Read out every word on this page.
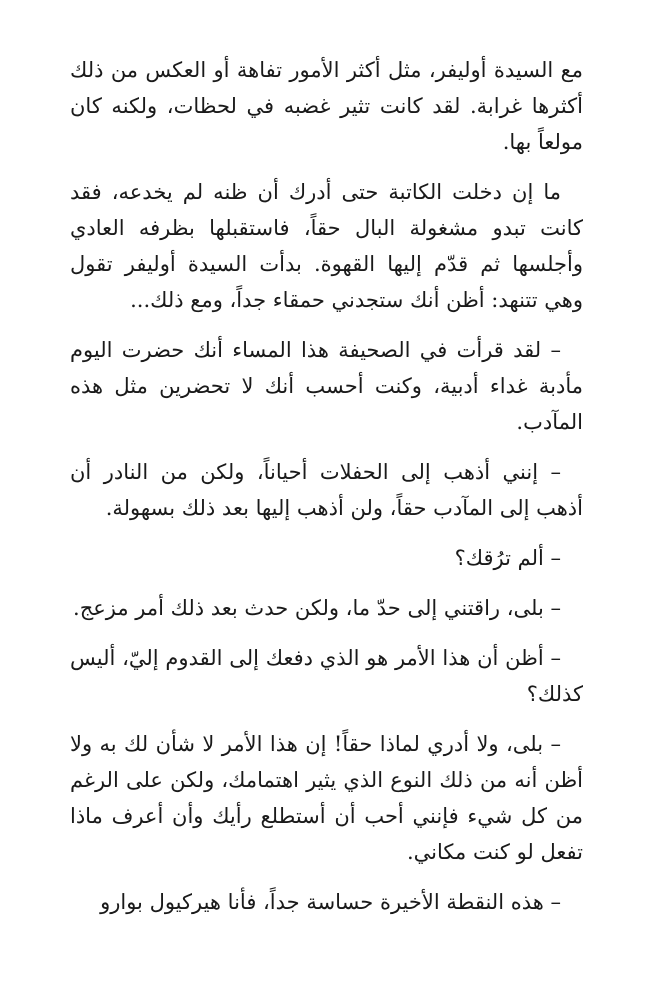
مع السيدة أوليفر، مثل أكثر الأمور تفاهة أو العكس من ذلك أكثرها غرابة. لقد كانت تثير غضبه في لحظات، ولكنه كان مولعاً بها.

ما إن دخلت الكاتبة حتى أدرك أن ظنه لم يخدعه، فقد كانت تبدو مشغولة البال حقاً، فاستقبلها بظرفه العادي وأجلسها ثم قدّم إليها القهوة. بدأت السيدة أوليفر تقول وهي تتنهد: أظن أنك ستجدني حمقاء جداً، ومع ذلك...

– لقد قرأت في الصحيفة هذا المساء أنك حضرت اليوم مأدبة غداء أدبية، وكنت أحسب أنك لا تحضرين مثل هذه المآدب.

– إنني أذهب إلى الحفلات أحياناً، ولكن من النادر أن أذهب إلى المآدب حقاً، ولن أذهب إليها بعد ذلك بسهولة.

– ألم ترُقك؟

– بلى، راقتني إلى حدّ ما، ولكن حدث بعد ذلك أمر مزعج.

– أظن أن هذا الأمر هو الذي دفعك إلى القدوم إليّ، أليس كذلك؟

– بلى، ولا أدري لماذا حقاً! إن هذا الأمر لا شأن لك به ولا أظن أنه من ذلك النوع الذي يثير اهتمامك، ولكن على الرغم من كل شيء فإنني أحب أن أستطلع رأيك وأن أعرف ماذا تفعل لو كنت مكاني.

– هذه النقطة الأخيرة حساسة جداً، فأنا هيركيول بوارو
